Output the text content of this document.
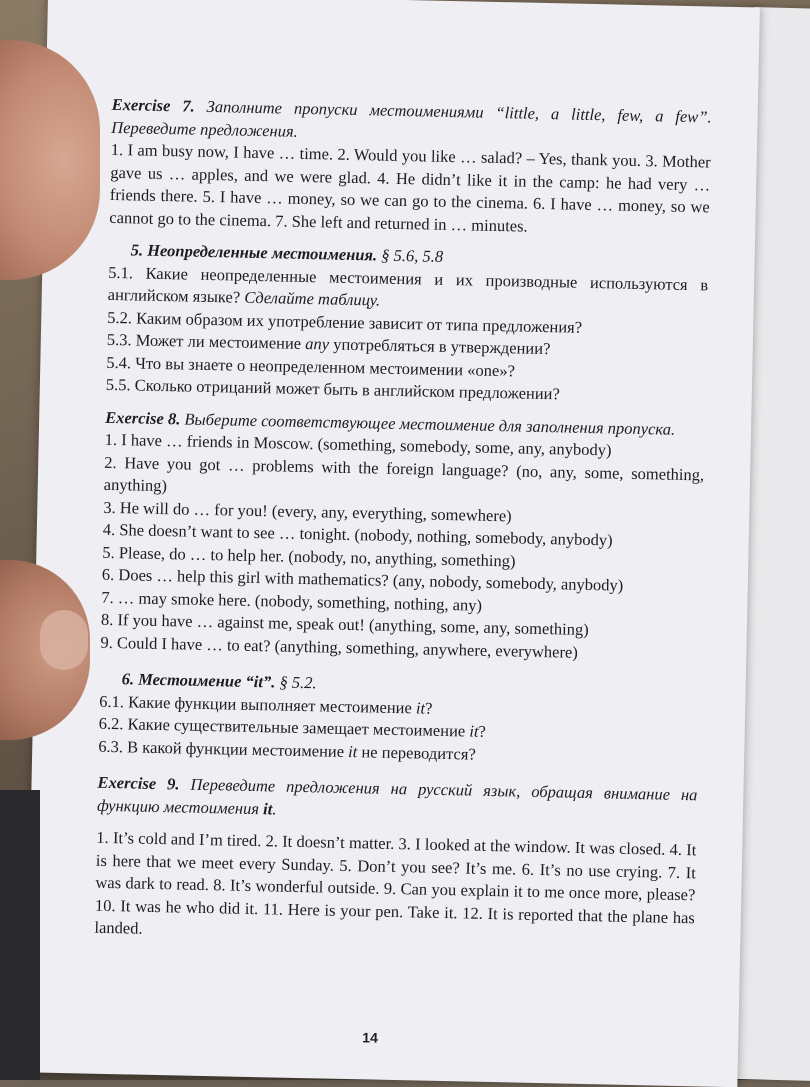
Exercise 7. Заполните пропуски местоимениями “little, a little, few, a few”. Переведите предложения.

1. I am busy now, I have … time. 2. Would you like … salad? – Yes, thank you. 3. Mother gave us … apples, and we were glad. 4. He didn’t like it in the camp: he had very … friends there. 5. I have … money, so we can go to the cinema. 6. I have … money, so we cannot go to the cinema. 7. She left and returned in … minutes.

5. Неопределенные местоимения. § 5.6, 5.8

5.1. Какие неопределенные местоимения и их производные используются в английском языке? Сделайте таблицу.

5.2. Каким образом их употребление зависит от типа предложения?

5.3. Может ли местоимение any употребляться в утверждении?

5.4. Что вы знаете о неопределенном местоимении «one»?

5.5. Сколько отрицаний может быть в английском предложении?

Exercise 8. Выберите соответствующее местоимение для заполнения пропуска.

1. I have … friends in Moscow. (something, somebody, some, any, anybody)

2. Have you got … problems with the foreign language? (no, any, some, something, anything)

3. He will do … for you! (every, any, everything, somewhere)

4. She doesn’t want to see … tonight. (nobody, nothing, somebody, anybody)

5. Please, do … to help her. (nobody, no, anything, something)

6. Does … help this girl with mathematics? (any, nobody, somebody, anybody)

7. … may smoke here. (nobody, something, nothing, any)

8. If you have … against me, speak out! (anything, some, any, something)

9. Could I have … to eat? (anything, something, anywhere, everywhere)

6. Местоимение “it”. § 5.2.

6.1. Какие функции выполняет местоимение it?

6.2. Какие существительные замещает местоимение it?

6.3. В какой функции местоимение it не переводится?

Exercise 9. Переведите предложения на русский язык, обращая внимание на функцию местоимения it.

1. It’s cold and I’m tired. 2. It doesn’t matter. 3. I looked at the window. It was closed. 4. It is here that we meet every Sunday. 5. Don’t you see? It’s me. 6. It’s no use crying. 7. It was dark to read. 8. It’s wonderful outside. 9. Can you explain it to me once more, please? 10. It was he who did it. 11. Here is your pen. Take it. 12. It is reported that the plane has landed.

14
